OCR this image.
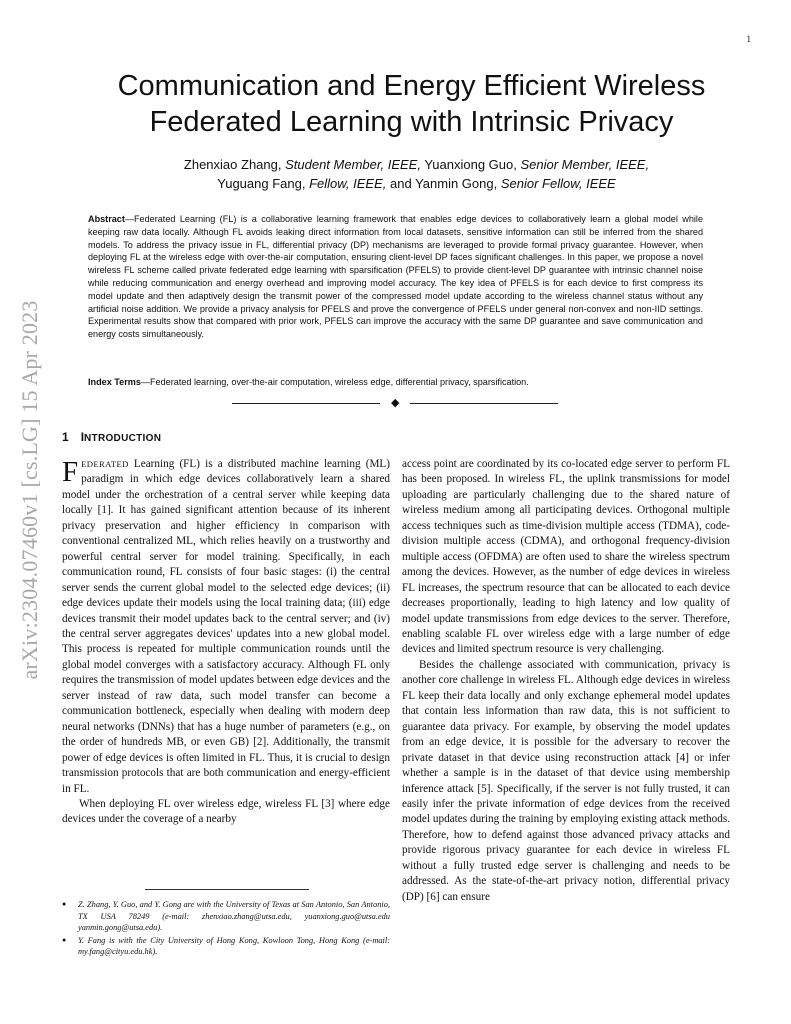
1
arXiv:2304.07460v1 [cs.LG] 15 Apr 2023
Communication and Energy Efficient Wireless
Federated Learning with Intrinsic Privacy
Zhenxiao Zhang, Student Member, IEEE, Yuanxiong Guo, Senior Member, IEEE,
Yuguang Fang, Fellow, IEEE, and Yanmin Gong, Senior Fellow, IEEE

Abstract—Federated Learning (FL) is a collaborative learning framework that enables edge devices to collaboratively learn a global model while keeping raw data locally. Although FL avoids leaking direct information from local datasets, sensitive information can still be inferred from the shared models. To address the privacy issue in FL, differential privacy (DP) mechanisms are leveraged to provide formal privacy guarantee. However, when deploying FL at the wireless edge with over-the-air computation, ensuring client-level DP faces significant challenges. In this paper, we propose a novel wireless FL scheme called private federated edge learning with sparsification (PFELS) to provide client-level DP guarantee with intrinsic channel noise while reducing communication and energy overhead and improving model accuracy. The key idea of PFELS is for each device to first compress its model update and then adaptively design the transmit power of the compressed model update according to the wireless channel status without any artificial noise addition. We provide a privacy analysis for PFELS and prove the convergence of PFELS under general non-convex and non-IID settings. Experimental results show that compared with prior work, PFELS can improve the accuracy with the same DP guarantee and save communication and energy costs simultaneously.

Index Terms—Federated learning, over-the-air computation, wireless edge, differential privacy, sparsification.

◆
1 INTRODUCTION

FEDERATED Learning (FL) is a distributed machine learning (ML) paradigm in which edge devices collaboratively learn a shared model under the orchestration of a central server while keeping data locally [1]. It has gained significant attention because of its inherent privacy preservation and higher efficiency in comparison with conventional centralized ML, which relies heavily on a trustworthy and powerful central server for model training. Specifically, in each communication round, FL consists of four basic stages: (i) the central server sends the current global model to the selected edge devices; (ii) edge devices update their models using the local training data; (iii) edge devices transmit their model updates back to the central server; and (iv) the central server aggregates devices' updates into a new global model. This process is repeated for multiple communication rounds until the global model converges with a satisfactory accuracy. Although FL only requires the transmission of model updates between edge devices and the server instead of raw data, such model transfer can become a communication bottleneck, especially when dealing with modern deep neural networks (DNNs) that has a huge number of parameters (e.g., on the order of hundreds MB, or even GB) [2]. Additionally, the transmit power of edge devices is often limited in FL. Thus, it is crucial to design transmission protocols that are both communication and energy-efficient in FL.

When deploying FL over wireless edge, wireless FL [3] where edge devices under the coverage of a nearby

access point are coordinated by its co-located edge server to perform FL has been proposed. In wireless FL, the uplink transmissions for model uploading are particularly challenging due to the shared nature of wireless medium among all participating devices. Orthogonal multiple access techniques such as time-division multiple access (TDMA), code-division multiple access (CDMA), and orthogonal frequency-division multiple access (OFDMA) are often used to share the wireless spectrum among the devices. However, as the number of edge devices in wireless FL increases, the spectrum resource that can be allocated to each device decreases proportionally, leading to high latency and low quality of model update transmissions from edge devices to the server. Therefore, enabling scalable FL over wireless edge with a large number of edge devices and limited spectrum resource is very challenging.

Besides the challenge associated with communication, privacy is another core challenge in wireless FL. Although edge devices in wireless FL keep their data locally and only exchange ephemeral model updates that contain less information than raw data, this is not sufficient to guarantee data privacy. For example, by observing the model updates from an edge device, it is possible for the adversary to recover the private dataset in that device using reconstruction attack [4] or infer whether a sample is in the dataset of that device using membership inference attack [5]. Specifically, if the server is not fully trusted, it can easily infer the private information of edge devices from the received model updates during the training by employing existing attack methods. Therefore, how to defend against those advanced privacy attacks and provide rigorous privacy guarantee for each device in wireless FL without a fully trusted edge server is challenging and needs to be addressed. As the state-of-the-art privacy notion, differential privacy (DP) [6] can ensure

● Z. Zhang, Y. Guo, and Y. Gong are with the University of Texas at San Antonio, San Antonio, TX USA 78249 (e-mail: zhenxiao.zhang@utsa.edu, yuanxiong.guo@utsa.edu yanmin.gong@utsa.edu).
● Y. Fang is with the City University of Hong Kong, Kowloon Tong, Hong Kong (e-mail: my.fang@cityu.edu.hk).
